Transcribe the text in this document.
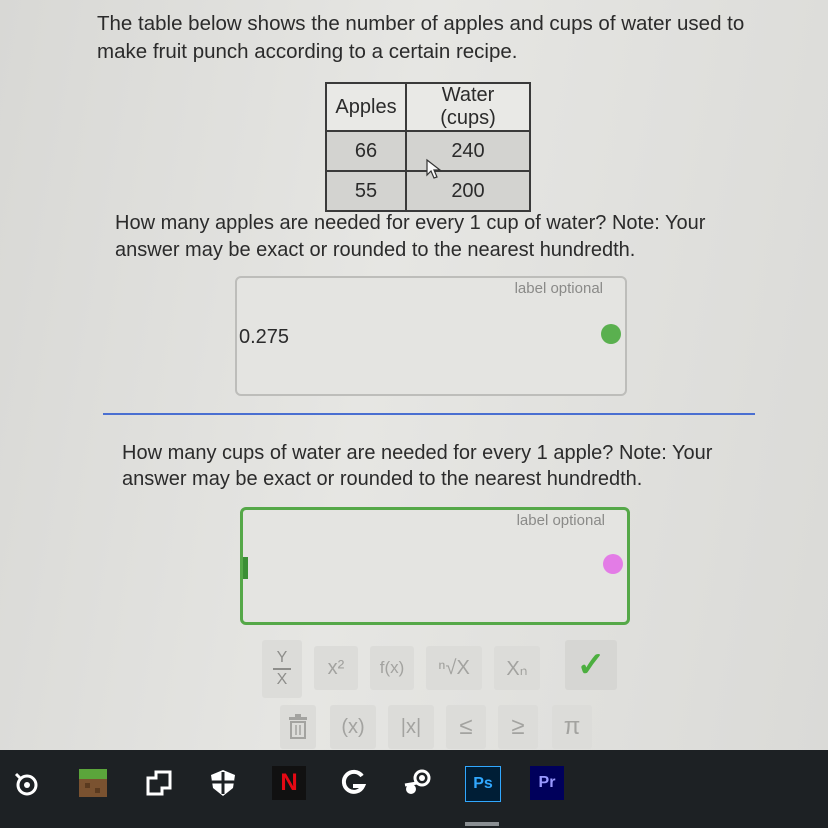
The table below shows the number of apples and cups of water used to make fruit punch according to a certain recipe.
Apples	Water (cups)
66	240
55	200
How many apples are needed for every 1 cup of water? Note: Your answer may be exact or rounded to the nearest hundredth.
label optional
0.275
How many cups of water are needed for every 1 apple? Note: Your answer may be exact or rounded to the nearest hundredth.
label optional
$\frac{Y}{X}$	x²	f(x)	ⁿ√X	Xₙ	✓
(x)	|x|	≤	≥	π
N	Ps	Pr
